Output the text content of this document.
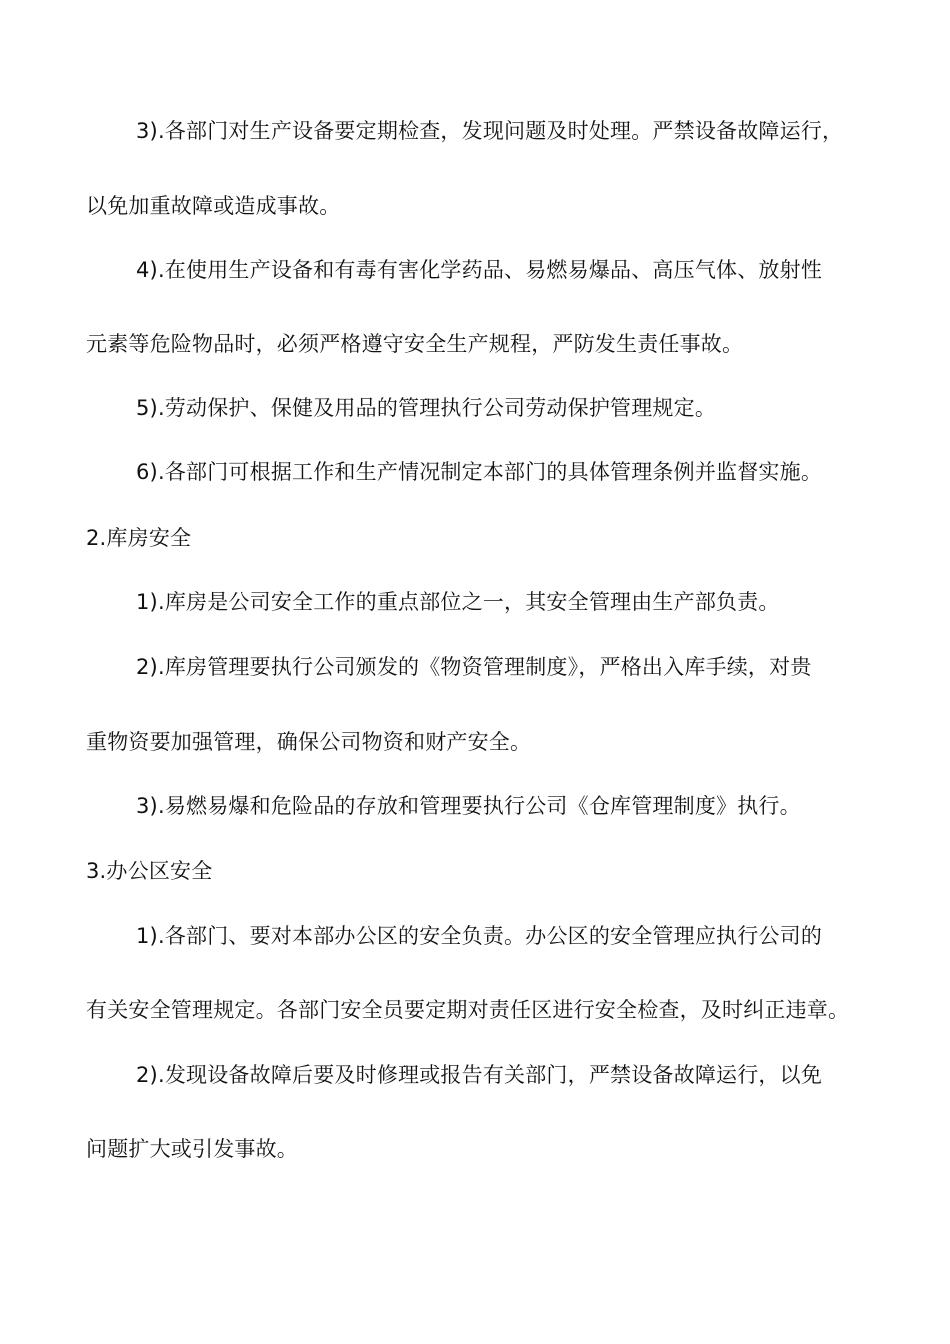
3).各部门对生产设备要定期检查，发现问题及时处理。严禁设备故障运行，
以免加重故障或造成事故。
4).在使用生产设备和有毒有害化学药品、易燃易爆品、高压气体、放射性
元素等危险物品时，必须严格遵守安全生产规程，严防发生责任事故。
5).劳动保护、保健及用品的管理执行公司劳动保护管理规定。
6).各部门可根据工作和生产情况制定本部门的具体管理条例并监督实施。
2.库房安全
1).库房是公司安全工作的重点部位之一，其安全管理由生产部负责。
2).库房管理要执行公司颁发的《物资管理制度》，严格出入库手续，对贵
重物资要加强管理，确保公司物资和财产安全。
3).易燃易爆和危险品的存放和管理要执行公司《仓库管理制度》执行。
3.办公区安全
1).各部门、要对本部办公区的安全负责。办公区的安全管理应执行公司的
有关安全管理规定。各部门安全员要定期对责任区进行安全检查，及时纠正违章。
2).发现设备故障后要及时修理或报告有关部门，严禁设备故障运行，以免
问题扩大或引发事故。
